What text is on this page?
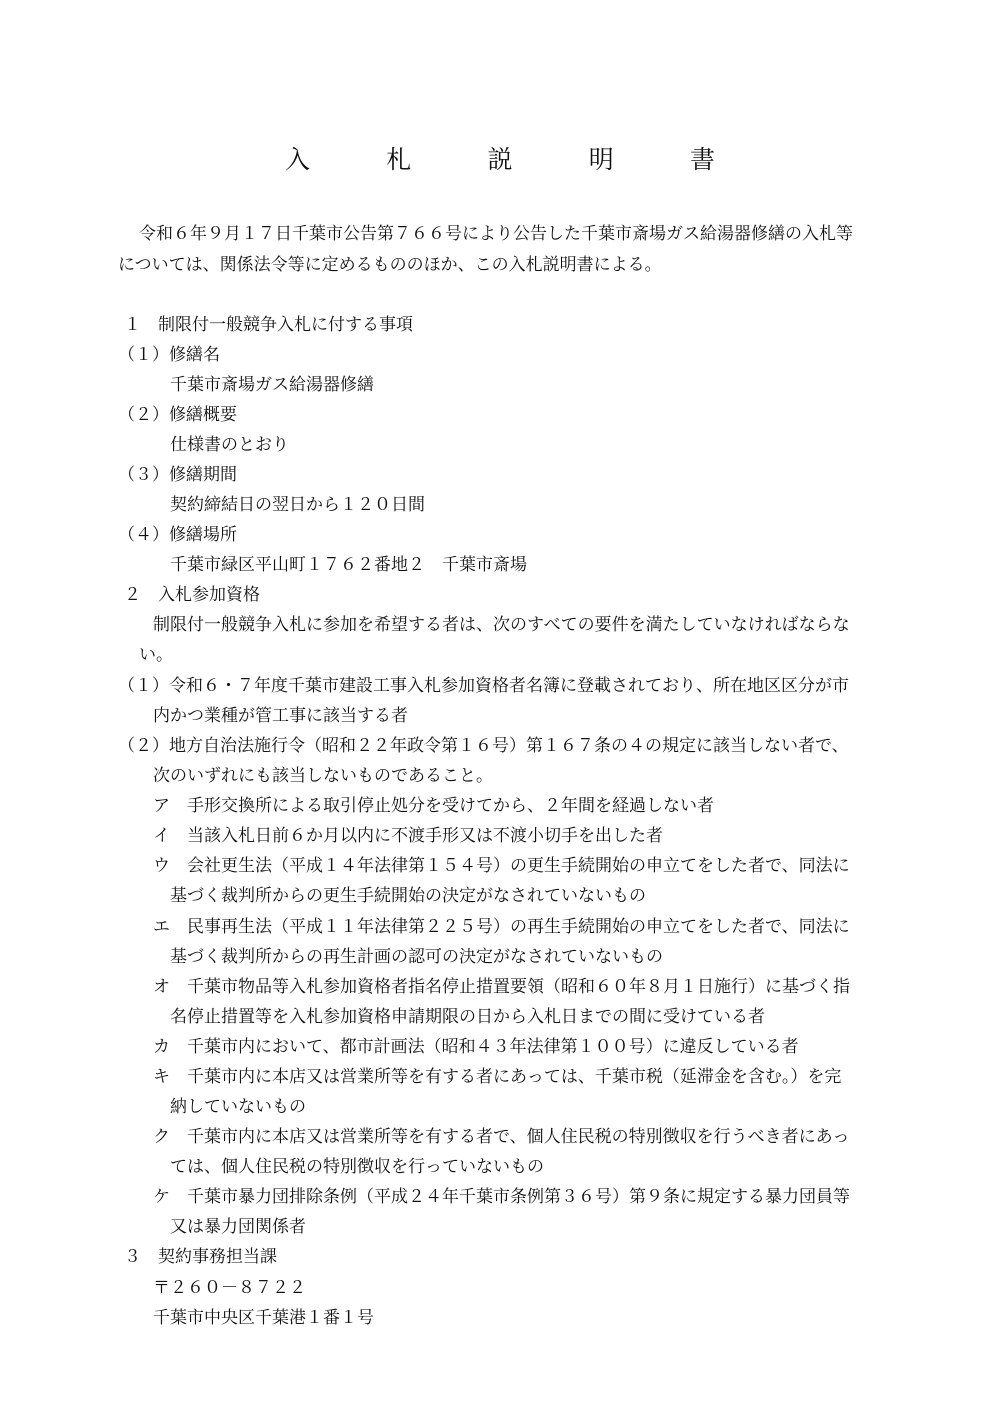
入	札	説	明	書
令和６年９月１７日千葉市公告第７６６号により公告した千葉市斎場ガス給湯器修繕の入札等
については、関係法令等に定めるもののほか、この入札説明書による。
１　制限付一般競争入札に付する事項
（１）修繕名
千葉市斎場ガス給湯器修繕
（２）修繕概要
仕様書のとおり
（３）修繕期間
契約締結日の翌日から１２０日間
（４）修繕場所
千葉市緑区平山町１７６２番地２　千葉市斎場
２　入札参加資格
制限付一般競争入札に参加を希望する者は、次のすべての要件を満たしていなければならな
い。
（１）令和６・７年度千葉市建設工事入札参加資格者名簿に登載されており、所在地区区分が市
内かつ業種が管工事に該当する者
（２）地方自治法施行令（昭和２２年政令第１６号）第１６７条の４の規定に該当しない者で、
次のいずれにも該当しないものであること。
ア　手形交換所による取引停止処分を受けてから、２年間を経過しない者
イ　当該入札日前６か月以内に不渡手形又は不渡小切手を出した者
ウ　会社更生法（平成１４年法律第１５４号）の更生手続開始の申立てをした者で、同法に
基づく裁判所からの更生手続開始の決定がなされていないもの
エ　民事再生法（平成１１年法律第２２５号）の再生手続開始の申立てをした者で、同法に
基づく裁判所からの再生計画の認可の決定がなされていないもの
オ　千葉市物品等入札参加資格者指名停止措置要領（昭和６０年８月１日施行）に基づく指
名停止措置等を入札参加資格申請期限の日から入札日までの間に受けている者
カ　千葉市内において、都市計画法（昭和４３年法律第１００号）に違反している者
キ　千葉市内に本店又は営業所等を有する者にあっては、千葉市税（延滞金を含む。）を完
納していないもの
ク　千葉市内に本店又は営業所等を有する者で、個人住民税の特別徴収を行うべき者にあっ
ては、個人住民税の特別徴収を行っていないもの
ケ　千葉市暴力団排除条例（平成２４年千葉市条例第３６号）第９条に規定する暴力団員等
又は暴力団関係者
３　契約事務担当課
〒２６０－８７２２
千葉市中央区千葉港１番１号
